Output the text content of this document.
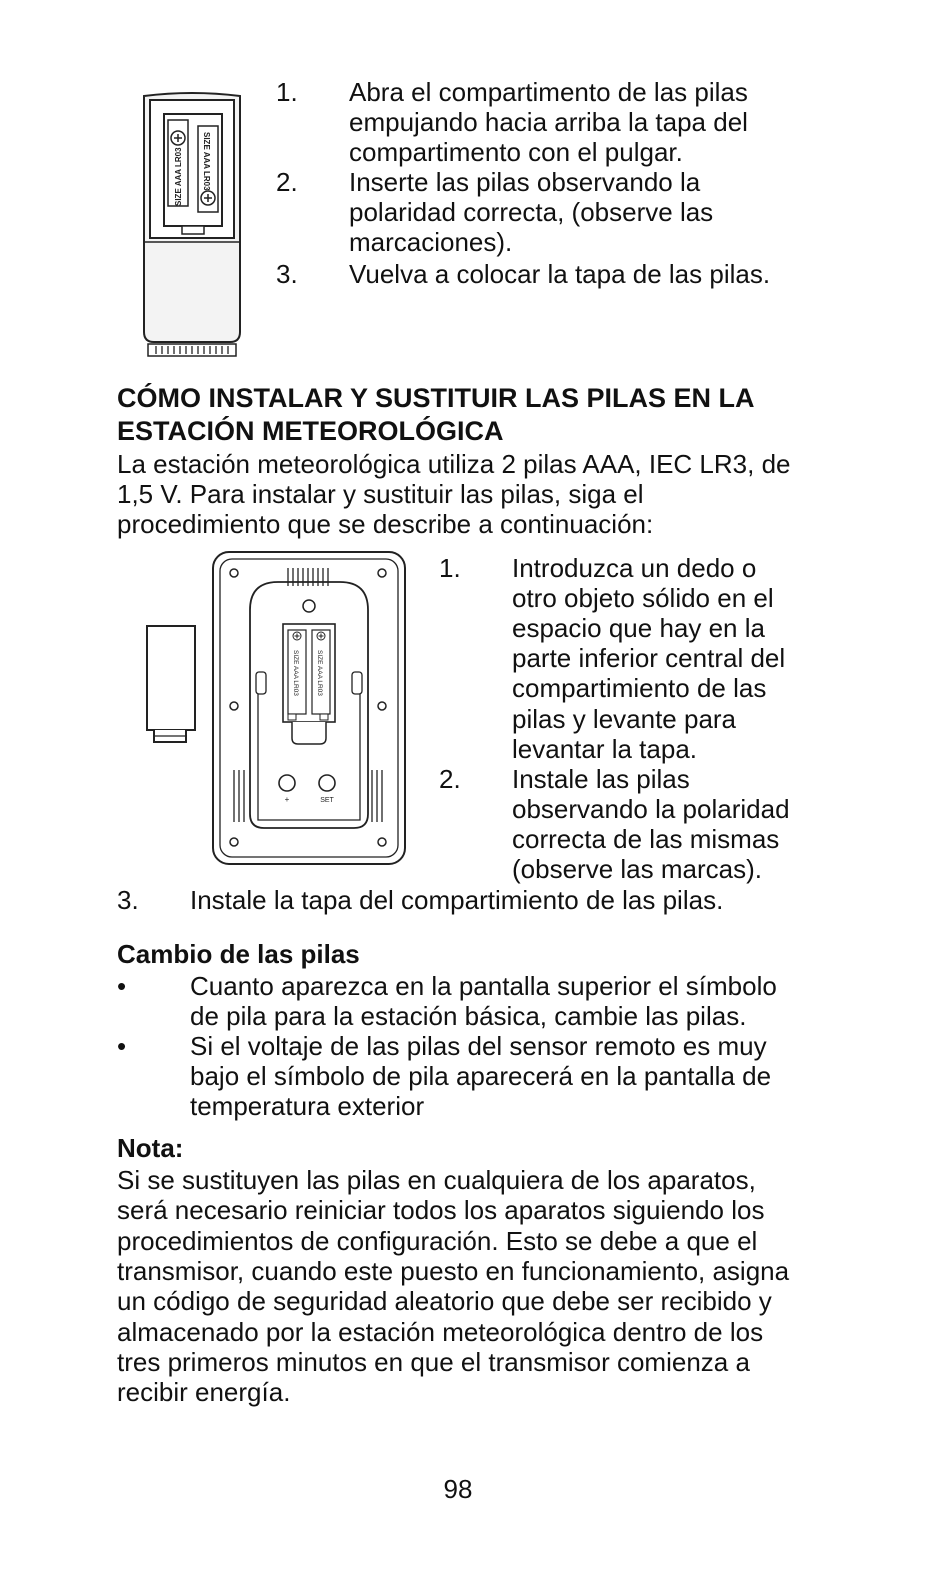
SIZE AAA LR03 SIZE AAA LR03
1. Abra el compartimento de las pilas
empujando hacia arriba la tapa del
compartimento con el pulgar.
2. Inserte las pilas observando la
polaridad correcta, (observe las
marcaciones).
3. Vuelva a colocar la tapa de las pilas.
CÓMO INSTALAR Y SUSTITUIR LAS PILAS EN LA
ESTACIÓN METEOROLÓGICA
La estación meteorológica utiliza 2 pilas AAA, IEC LR3, de
1,5 V. Para instalar y sustituir las pilas, siga el
procedimiento que se describe a continuación:
SIZE AAA LR03	SIZE AAA LR03
+	SET
1. Introduzca un dedo o
otro objeto sólido en el
espacio que hay en la
parte inferior central del
compartimiento de las
pilas y levante para
levantar la tapa.
2. Instale las pilas
observando la polaridad
correcta de las mismas
(observe las marcas).
3. Instale la tapa del compartimiento de las pilas.
Cambio de las pilas
• Cuanto aparezca en la pantalla superior el símbolo
de pila para la estación básica, cambie las pilas.
• Si el voltaje de las pilas del sensor remoto es muy
bajo el símbolo de pila aparecerá en la pantalla de
temperatura exterior
Nota:
Si se sustituyen las pilas en cualquiera de los aparatos,
será necesario reiniciar todos los aparatos siguiendo los
procedimientos de configuración. Esto se debe a que el
transmisor, cuando este puesto en funcionamiento, asigna
un código de seguridad aleatorio que debe ser recibido y
almacenado por la estación meteorológica dentro de los
tres primeros minutos en que el transmisor comienza a
recibir energía.
98
